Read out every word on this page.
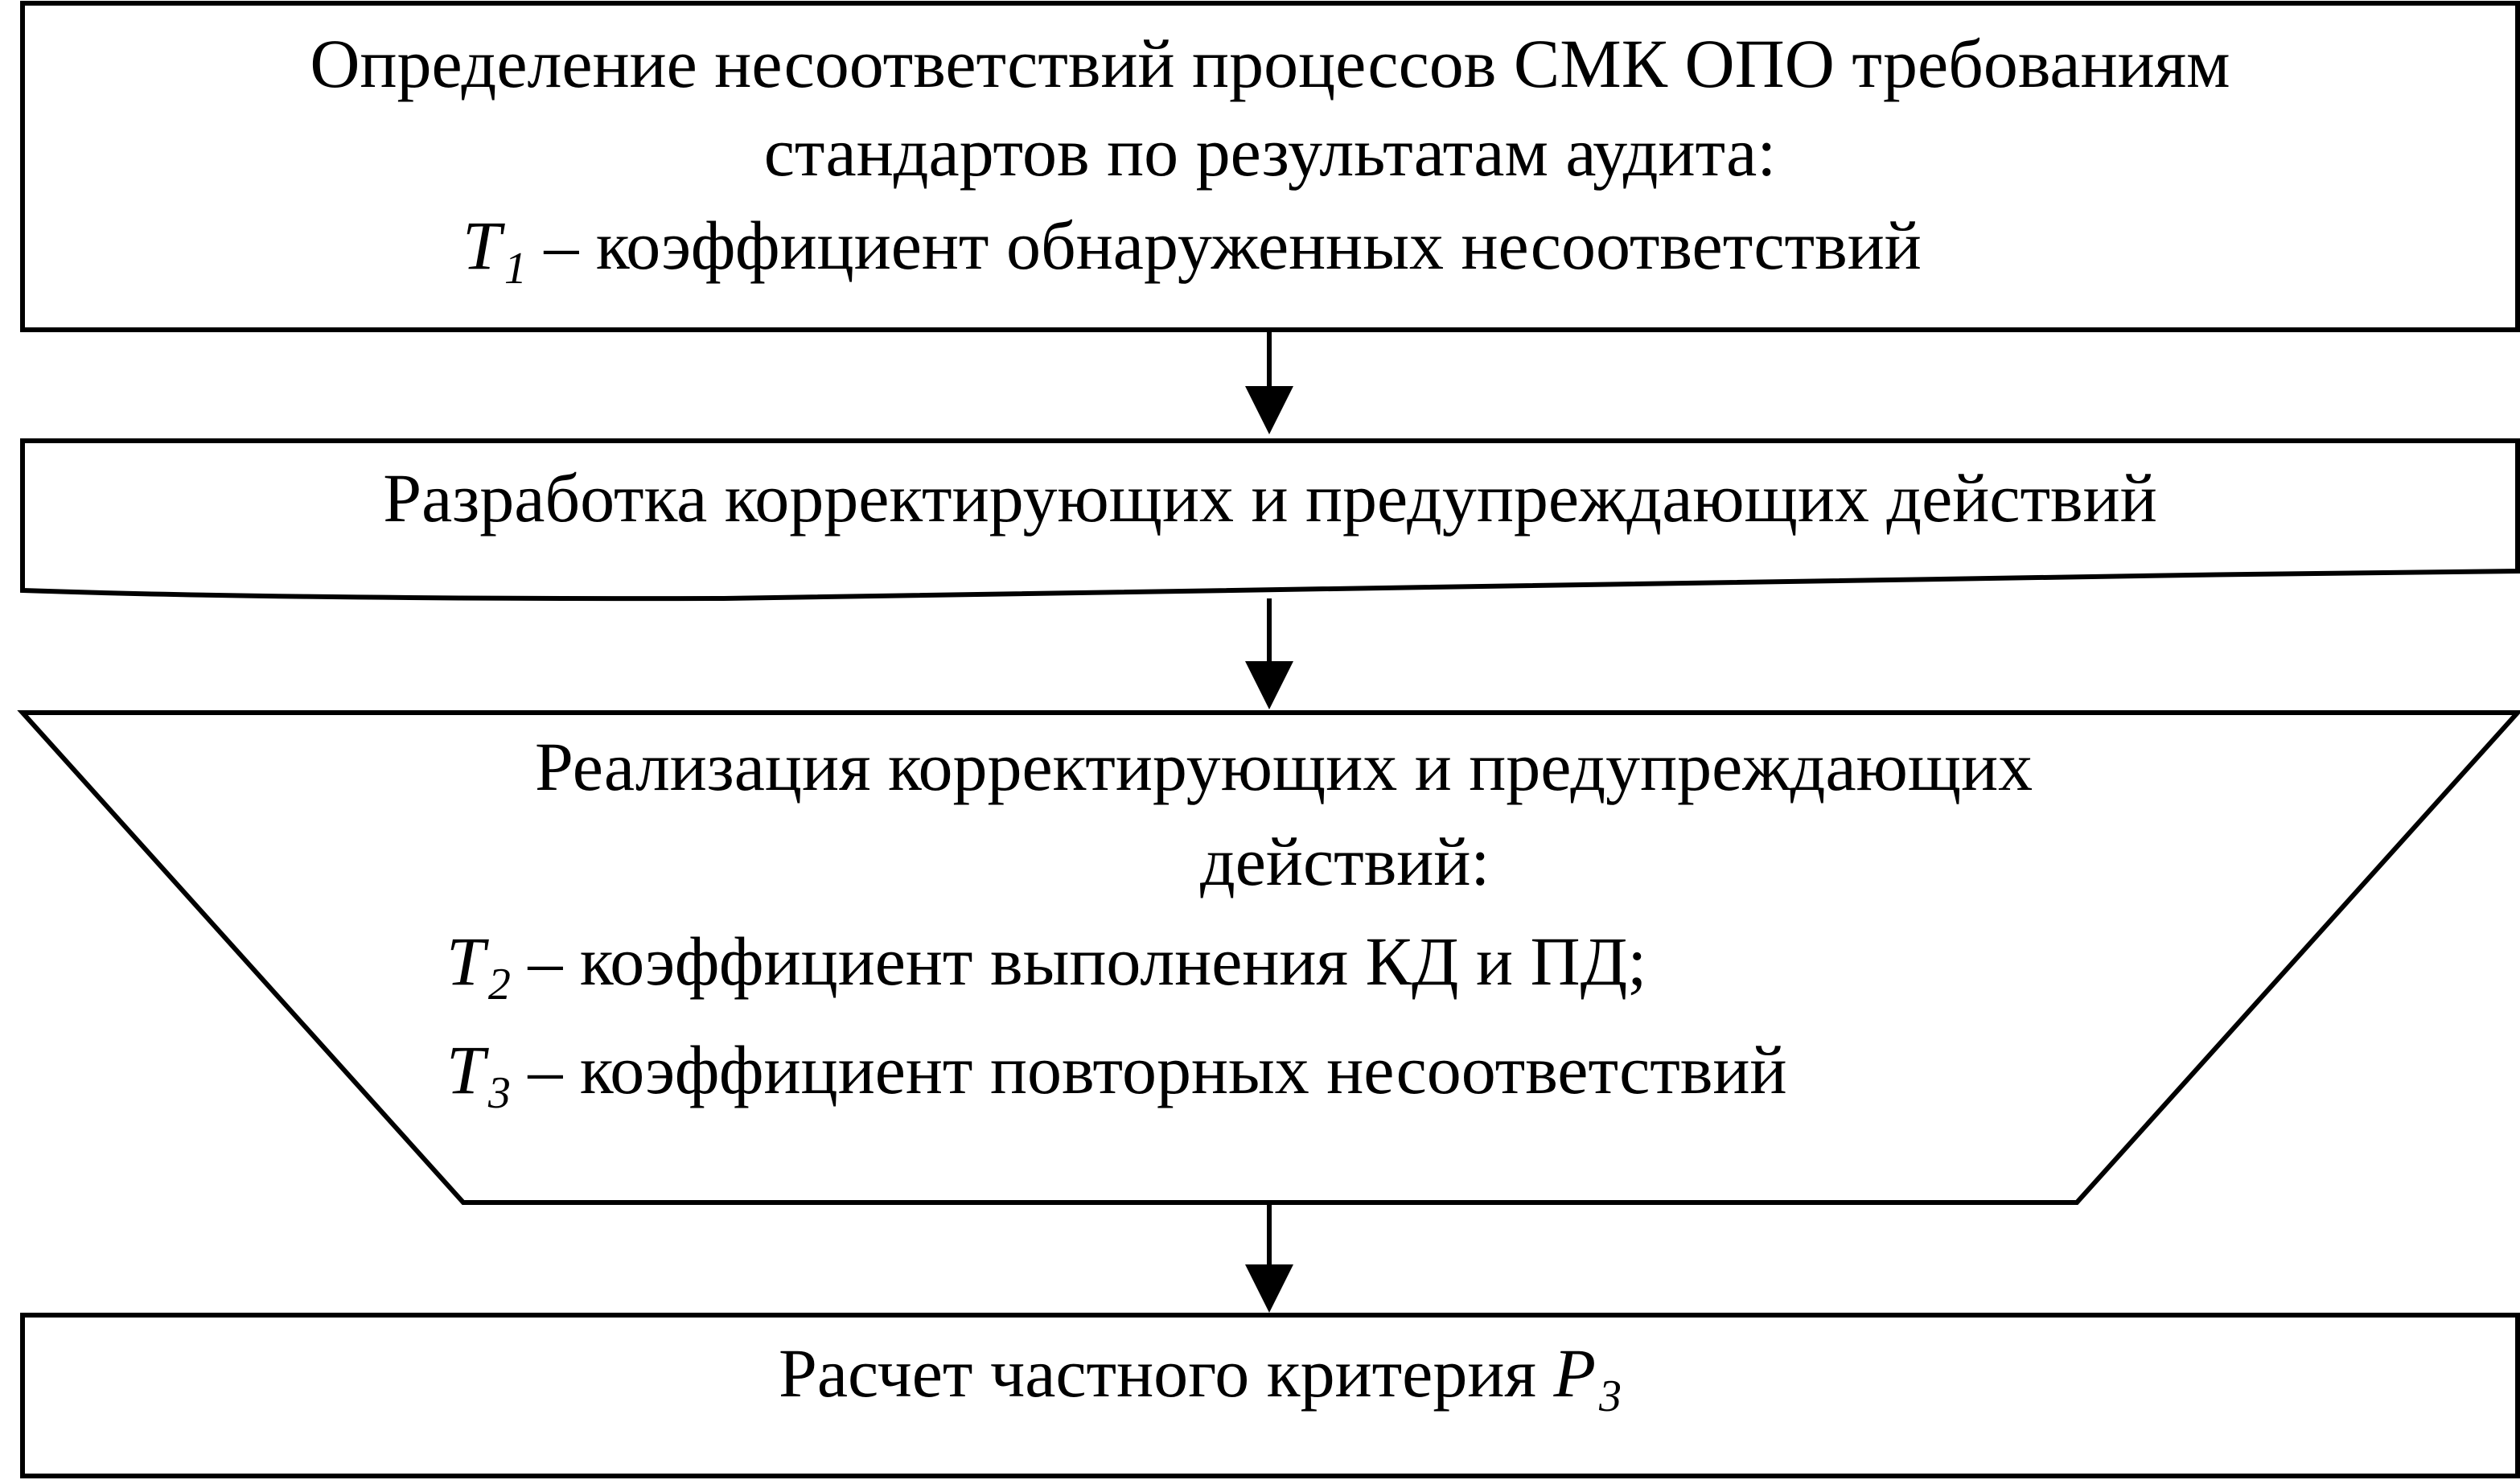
Определение несоответствий процессов СМК ОПО требованиям
стандартов по результатам аудита:
$T_1$ – коэффициент обнаруженных несоответствий
Разработка корректирующих и предупреждающих действий
Реализация корректирующих и предупреждающих
действий:
$T_2$ – коэффициент выполнения КД и ПД;
$T_3$ – коэффициент повторных несоответствий
Расчет частного критерия $P_3$
